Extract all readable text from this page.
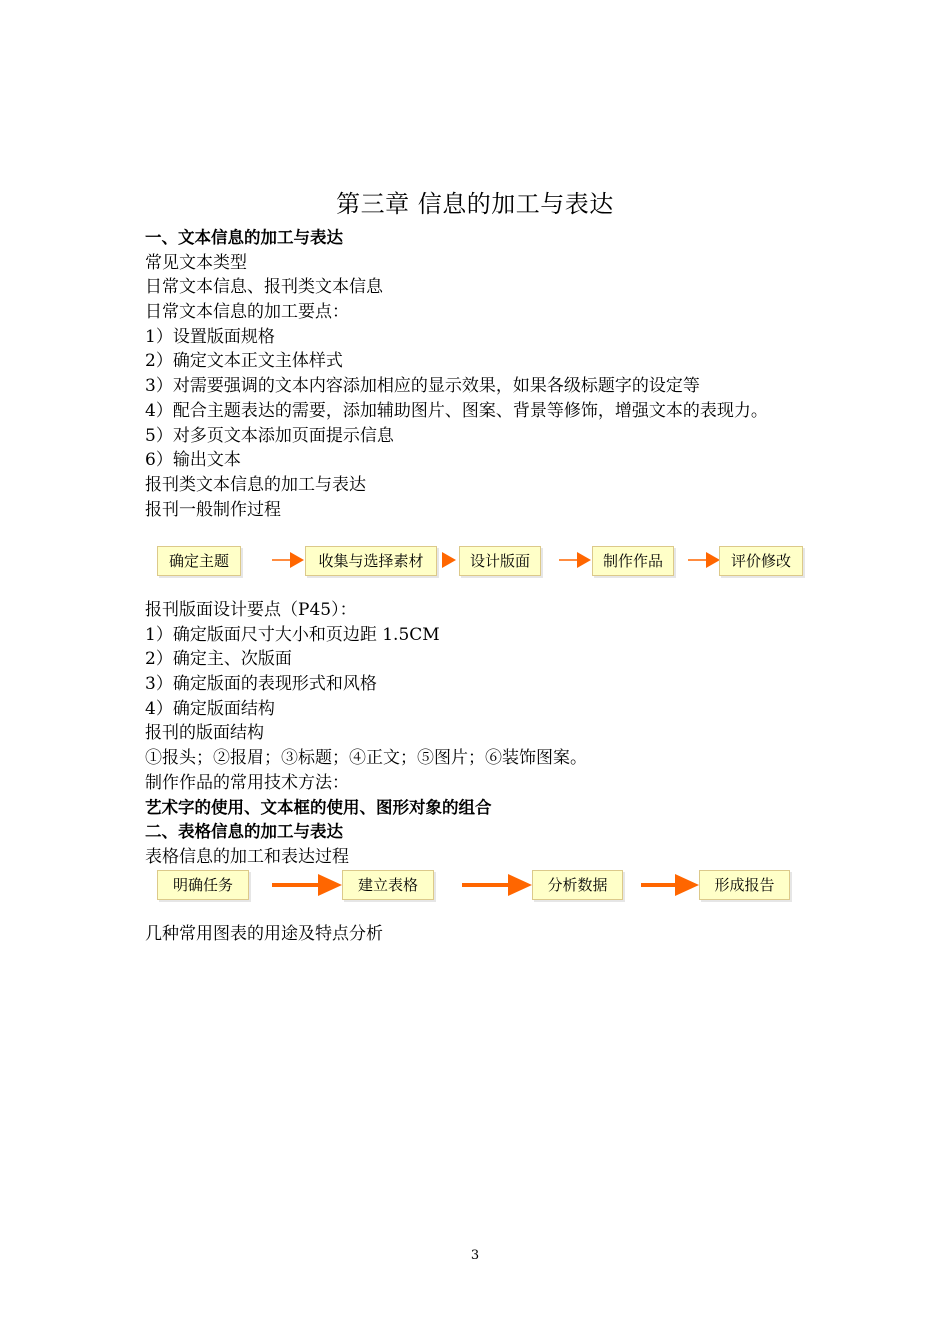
第三章 信息的加工与表达
一、文本信息的加工与表达
常见文本类型
日常文本信息、报刊类文本信息
日常文本信息的加工要点：
1）设置版面规格
2）确定文本正文主体样式
3）对需要强调的文本内容添加相应的显示效果，如果各级标题字的设定等
4）配合主题表达的需要，添加辅助图片、图案、背景等修饰，增强文本的表现力。
5）对多页文本添加页面提示信息
6）输出文本
报刊类文本信息的加工与表达
报刊一般制作过程
确定主题	收集与选择素材	设计版面	制作作品	评价修改
报刊版面设计要点（P45）：
1）确定版面尺寸大小和页边距 1.5CM
2）确定主、次版面
3）确定版面的表现形式和风格
4）确定版面结构
报刊的版面结构
①报头；②报眉；③标题；④正文；⑤图片；⑥装饰图案。
制作作品的常用技术方法：
艺术字的使用、文本框的使用、图形对象的组合
二、表格信息的加工与表达
表格信息的加工和表达过程
明确任务	建立表格	分析数据	形成报告
几种常用图表的用途及特点分析
3
